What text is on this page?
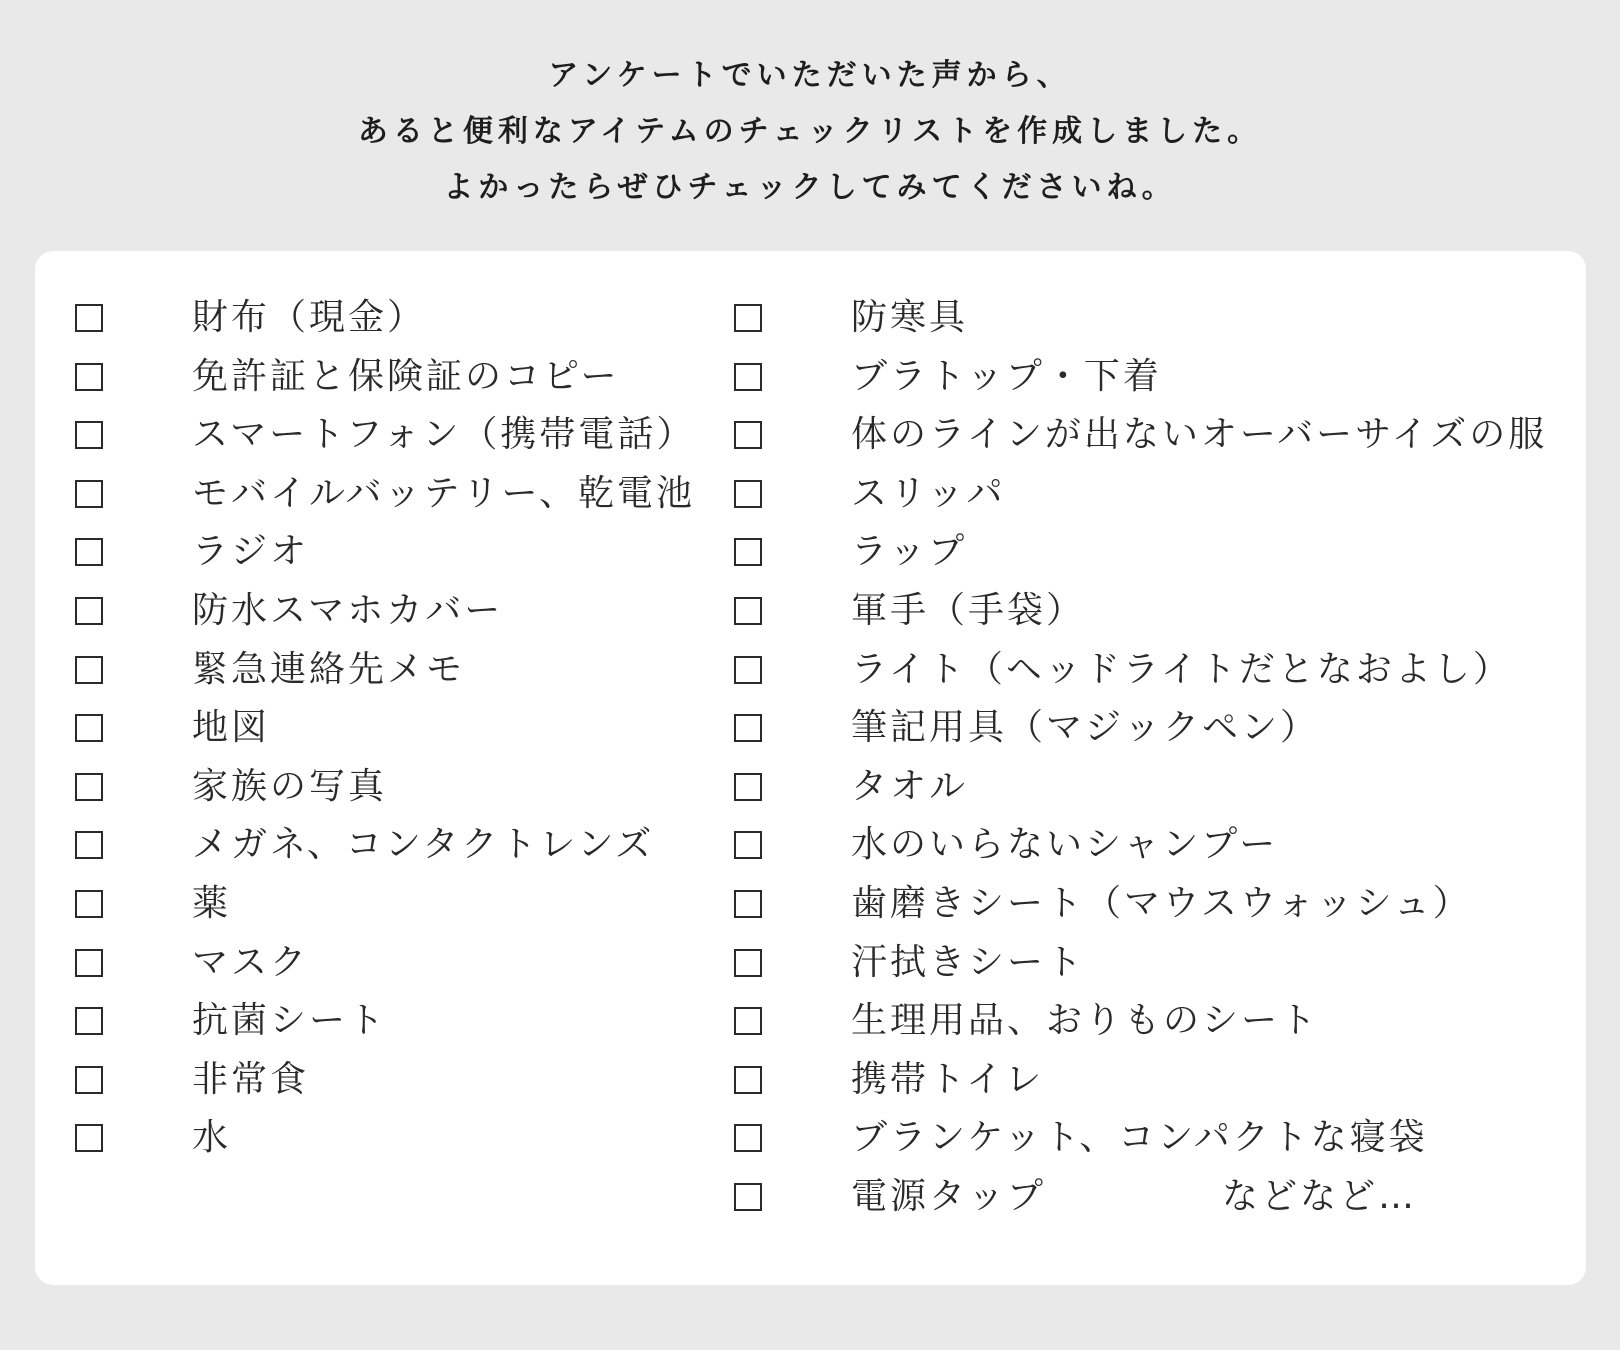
アンケートでいただいた声から、
あると便利なアイテムのチェックリストを作成しました。
よかったらぜひチェックしてみてくださいね。
財布（現金）
免許証と保険証のコピー
スマートフォン（携帯電話）
モバイルバッテリー、乾電池
ラジオ
防水スマホカバー
緊急連絡先メモ
地図
家族の写真
メガネ、コンタクトレンズ
薬
マスク
抗菌シート
非常食
水
防寒具
ブラトップ・下着
体のラインが出ないオーバーサイズの服
スリッパ
ラップ
軍手（手袋）
ライト（ヘッドライトだとなおよし）
筆記用具（マジックペン）
タオル
水のいらないシャンプー
歯磨きシート（マウスウォッシュ）
汗拭きシート
生理用品、おりものシート
携帯トイレ
ブランケット、コンパクトな寝袋
電源タップ	などなど…
